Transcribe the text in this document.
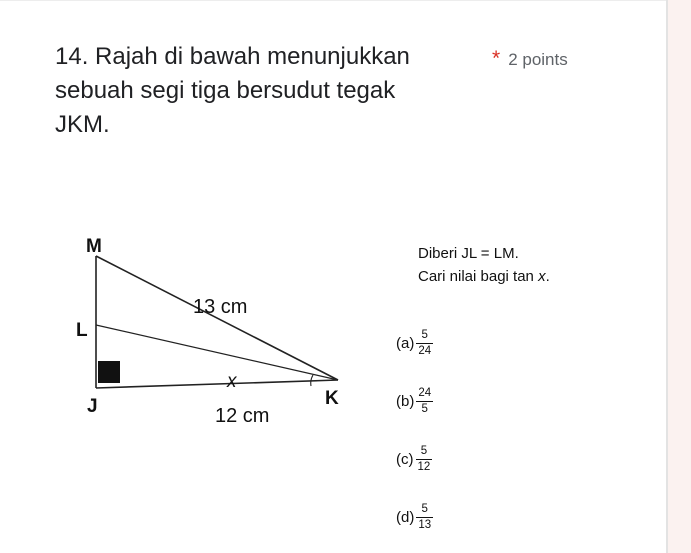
14. Rajah di bawah menunjukkan sebuah segi tiga bersudut tegak JKM.
* 2 points
M
L
J	K
13 cm
12 cm
x
Diberi JL = LM.
Cari nilai bagi tan x.
$(a) \frac{5}{24}$
$(b) \frac{24}{5}$
$(c) \frac{5}{12}$
$(d) \frac{5}{13}$
